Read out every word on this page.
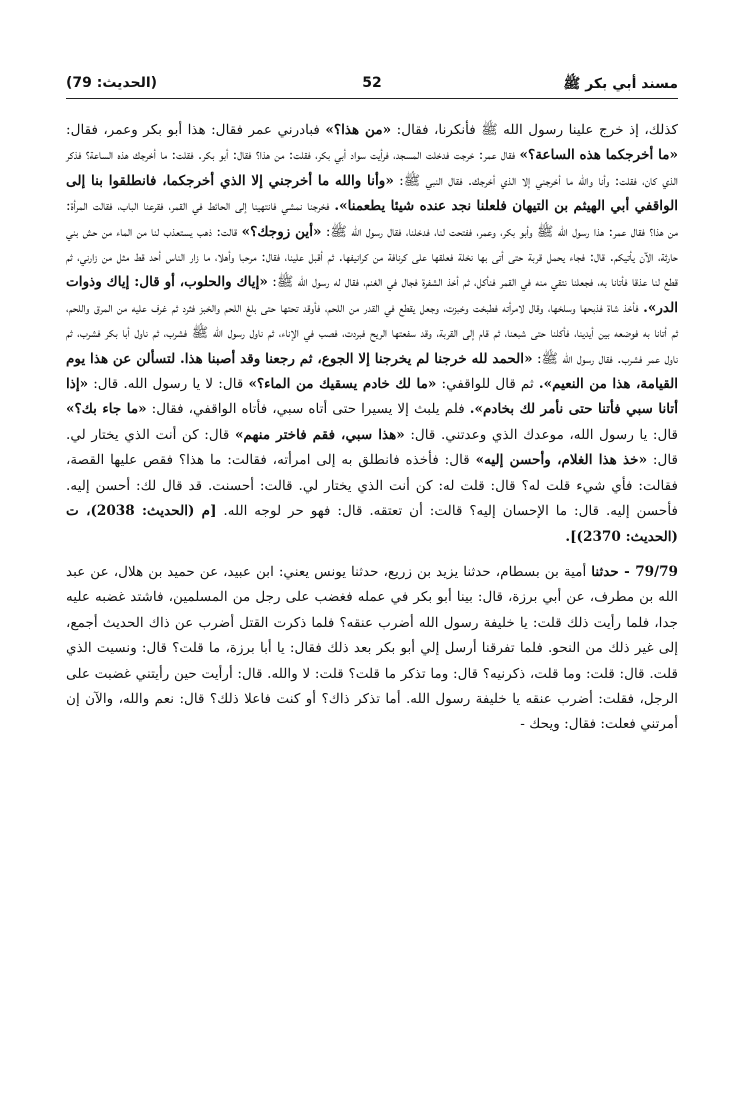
مسند أبي بكر ﷺ
52
(الحديث: 79)

كذلك، إذ خرج علينا رسول الله ﷺ فأنكرنا، فقال: «من هذا؟» فبادرني عمر فقال: هذا أبو بكر وعمر، فقال: «ما أخرجكما هذه الساعة؟» فقال عمر: خرجت فدخلت المسجد، فرأيت سواد أبي بكر، فقلت: من هذا؟ فقال: أبو بكر. فقلت: ما أخرجك هذه الساعة؟ فذكر الذي كان، فقلت: وأنا والله ما أخرجني إلا الذي أخرجك. فقال النبي ﷺ: «وأنا والله ما أخرجني إلا الذي أخرجكما، فانطلقوا بنا إلى الواقفي أبي الهيثم بن التيهان فلعلنا نجد عنده شيئا يطعمنا». فخرجنا نمشي فانتهينا إلى الحائط في القمر، فقرعنا الباب، فقالت المرأة: من هذا؟ فقال عمر: هذا رسول الله ﷺ وأبو بكر، وعمر، ففتحت لنا، فدخلنا، فقال رسول الله ﷺ: «أين زوجك؟» قالت: ذهب يستعذب لنا من الماء من حش بني حارثة، الآن يأتيكم. قال: فجاء يحمل قربة حتى أتى بها نخلة فعلقها على كرنافة من كرانيفها. ثم أقبل علينا، فقال: مرحبا وأهلا، ما زار الناس أحد قط مثل من زارني، ثم قطع لنا عذقا فأتانا به، فجعلنا نتقي منه في القمر فنأكل، ثم أخذ الشفرة فجال في الغنم، فقال له رسول الله ﷺ: «إياك والحلوب، أو قال: إياك وذوات الدر». فأخذ شاة فذبحها وسلخها، وقال لامرأته فطبخت وخبزت، وجعل يقطع في القدر من اللحم، فأوقد تحتها حتى بلغ اللحم والخبز فثرد ثم غرف عليه من المرق واللحم، ثم أتانا به فوضعه بين أيدينا، فأكلنا حتى شبعنا، ثم قام إلى القربة، وقد سفعتها الريح فبردت، فصب في الإناء، ثم ناول رسول الله ﷺ فشرب، ثم ناول أبا بكر فشرب، ثم ناول عمر فشرب. فقال رسول الله ﷺ: «الحمد لله خرجنا لم يخرجنا إلا الجوع، ثم رجعنا وقد أصبنا هذا. لتسألن عن هذا يوم القيامة، هذا من النعيم». ثم قال للواقفي: «ما لك خادم يسقيك من الماء؟» قال: لا يا رسول الله. قال: «إذا أتانا سبي فأتنا حتى نأمر لك بخادم». فلم يلبث إلا يسيرا حتى أتاه سبي، فأتاه الواقفي، فقال: «ما جاء بك؟» قال: يا رسول الله، موعدك الذي وعدتني. قال: «هذا سبي، فقم فاختر منهم» قال: كن أنت الذي يختار لي. قال: «خذ هذا الغلام، وأحسن إليه» قال: فأخذه فانطلق به إلى امرأته، فقالت: ما هذا؟ فقص عليها القصة، فقالت: فأي شيء قلت له؟ قال: قلت له: كن أنت الذي يختار لي. قالت: أحسنت. قد قال لك: أحسن إليه. فأحسن إليه. قال: ما الإحسان إليه؟ قالت: أن تعتقه. قال: فهو حر لوجه الله. [م (الحديث: 2038)، ت (الحديث: 2370)].

79/79 - حدثنا أمية بن بسطام، حدثنا يزيد بن زريع، حدثنا يونس يعني: ابن عبيد، عن حميد بن هلال، عن عبد الله بن مطرف، عن أبي برزة، قال: بينا أبو بكر في عمله فغضب على رجل من المسلمين، فاشتد غضبه عليه جدا، فلما رأيت ذلك قلت: يا خليفة رسول الله أضرب عنقه؟ فلما ذكرت القتل أضرب عن ذاك الحديث أجمع، إلى غير ذلك من النحو. فلما تفرقنا أرسل إلي أبو بكر بعد ذلك فقال: يا أبا برزة، ما قلت؟ قال: ونسيت الذي قلت. قال: قلت: وما قلت، ذكرنيه؟ قال: وما تذكر ما قلت؟ قلت: لا والله. قال: أرأيت حين رأيتني غضبت على الرجل، فقلت: أضرب عنقه يا خليفة رسول الله. أما تذكر ذاك؟ أو كنت فاعلا ذلك؟ قال: نعم والله، والآن إن أمرتني فعلت: فقال: ويحك -
